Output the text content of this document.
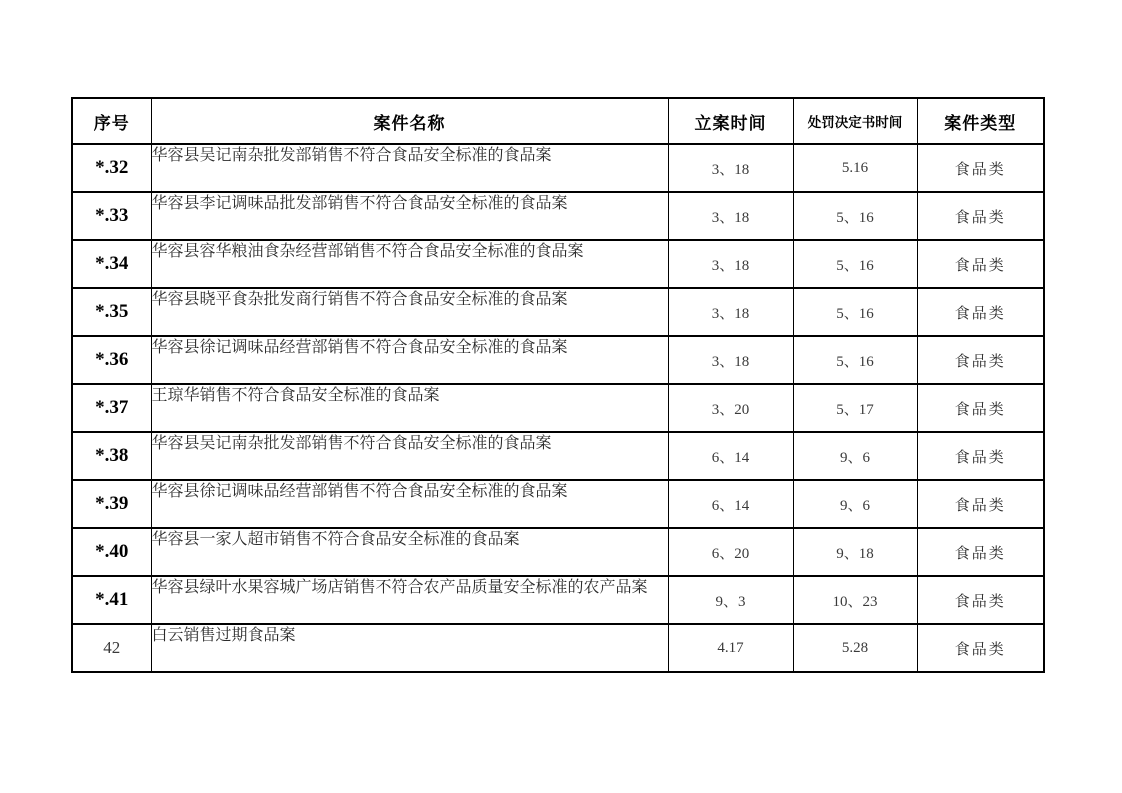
序号	案件名称	立案时间	处罚决定书时间	案件类型
*.32	华容县吴记南杂批发部销售不符合食品安全标准的食品案	3、18	5.16	食品类
*.33	华容县李记调味品批发部销售不符合食品安全标准的食品案	3、18	5、16	食品类
*.34	华容县容华粮油食杂经营部销售不符合食品安全标准的食品案	3、18	5、16	食品类
*.35	华容县晓平食杂批发商行销售不符合食品安全标准的食品案	3、18	5、16	食品类
*.36	华容县徐记调味品经营部销售不符合食品安全标准的食品案	3、18	5、16	食品类
*.37	王琼华销售不符合食品安全标准的食品案	3、20	5、17	食品类
*.38	华容县吴记南杂批发部销售不符合食品安全标准的食品案	6、14	9、6	食品类
*.39	华容县徐记调味品经营部销售不符合食品安全标准的食品案	6、14	9、6	食品类
*.40	华容县一家人超市销售不符合食品安全标准的食品案	6、20	9、18	食品类
*.41	华容县绿叶水果容城广场店销售不符合农产品质量安全标准的农产品案	9、3	10、23	食品类
42	白云销售过期食品案	4.17	5.28	食品类
